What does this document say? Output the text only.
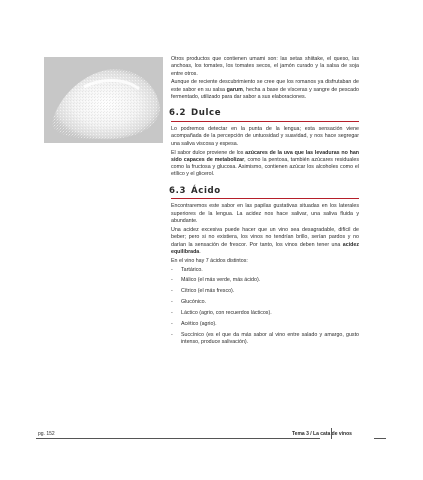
Otros productos que contienen umami son: las setas shiitake, el queso, las anchoas, los tomates, los tomates secos, el jamón curado y la salsa de soja entre otros.

Aunque de reciente descubrimiento se cree que los romanos ya disfrutaban de este sabor en su salsa garum, hecha a base de vísceras y sangre de pescado fermentado, utilizado para dar sabor a sus elaboraciones.

6.2 Dulce

Lo podremos detectar en la punta de la lengua; esta sensación viene acompañada de la percepción de untuosidad y suavidad, y nos hace segregar una saliva viscosa y espesa.

El sabor dulce proviene de los azúcares de la uva que las levaduras no han sido capaces de metabolizar, como la pentosa, también azúcares residuales como la fructosa y glucosa. Asimismo, contienen azúcar los alcoholes como el etílico y el glicerol.

6.3 Ácido

Encontraremos este sabor en las papilas gustativas situadas en los laterales superiores de la lengua. La acidez nos hace salivar, una saliva fluida y abundante.

Una acidez excesiva puede hacer que un vino sea desagradable, difícil de beber; pero si no existiera, los vinos no tendrían brillo, serían pardos y no darían la sensación de frescor. Por tanto, los vinos deben tener una acidez equilibrada.

En el vino hay 7 ácidos distintos:

- Tartárico.
- Málico (el más verde, más ácido).
- Cítrico (el más fresco).
- Glucónico.
- Láctico (agrio, con recuerdos lácticos).
- Acético (agrio).
- Succínico (es el que da más sabor al vino entre salado y amargo, gusto intenso, produce salivación).
pg. 152	Tema 3 / La cata de vinos
